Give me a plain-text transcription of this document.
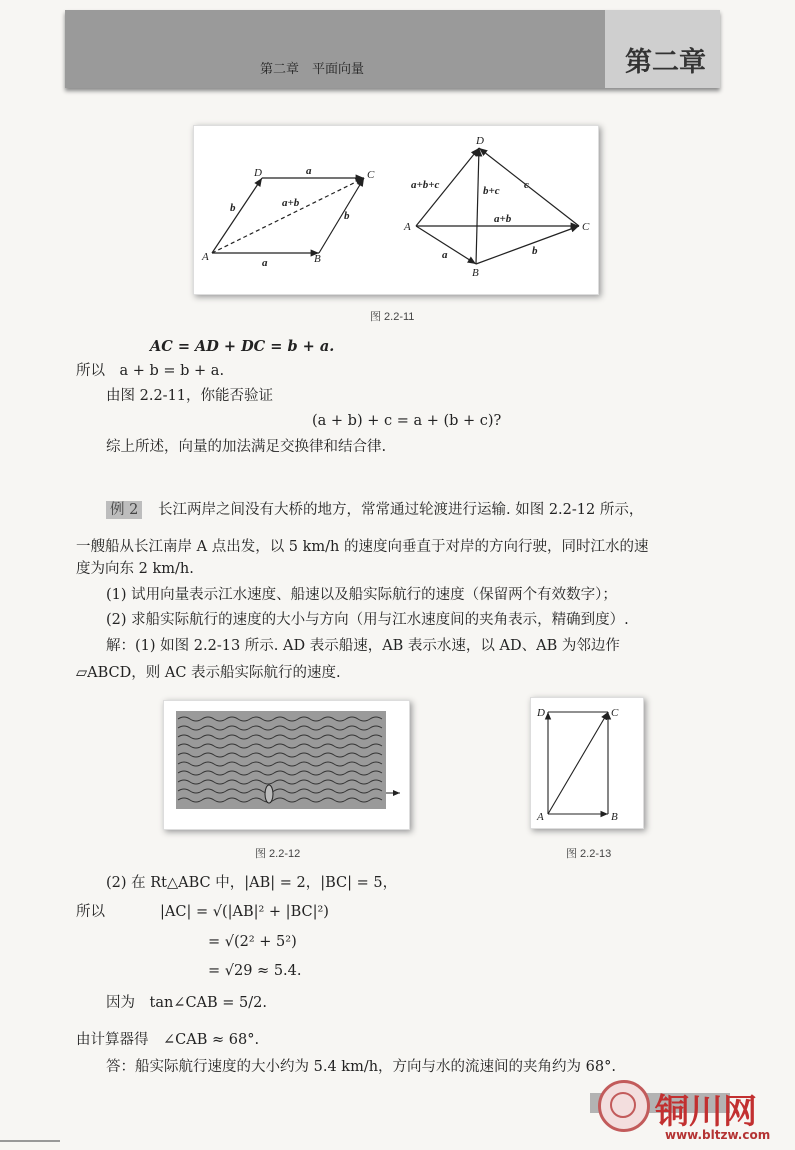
第二章　平面向量	第二章
A	B
C
D	a
b
b
a
a+b
A
B
C
D
a+b+c	b+c c
a+b
a	b
图 2.2-11
AC = AD + DC = b + a.
所以　a + b = b + a.
由图 2.2-11，你能否验证
(a + b) + c = a + (b + c)?
综上所述，向量的加法满足交换律和结合律.
例 2 长江两岸之间没有大桥的地方，常常通过轮渡进行运输. 如图 2.2-12 所示，
一艘船从长江南岸 A 点出发，以 5 km/h 的速度向垂直于对岸的方向行驶，同时江水的速
度为向东 2 km/h.
(1) 试用向量表示江水速度、船速以及船实际航行的速度（保留两个有效数字）；
(2) 求船实际航行的速度的大小与方向（用与江水速度间的夹角表示，精确到度）.
解：(1) 如图 2.2-13 所示. AD 表示船速，AB 表示水速，以 AD、AB 为邻边作
▱ABCD，则 AC 表示船实际航行的速度.
图 2.2-12
A	B
C
D
图 2.2-13
(2) 在 Rt△ABC 中，|AB| = 2，|BC| = 5，
所以	|AC| = √(|AB|² + |BC|²)
= √(2² + 5²)
= √29 ≈ 5.4.
因为　tan∠CAB = 5/2.
由计算器得　∠CAB ≈ 68°.
答：船实际航行速度的大小约为 5.4 km/h，方向与水的流速间的夹角约为 68°.
铜川网
www.bltzw.com
